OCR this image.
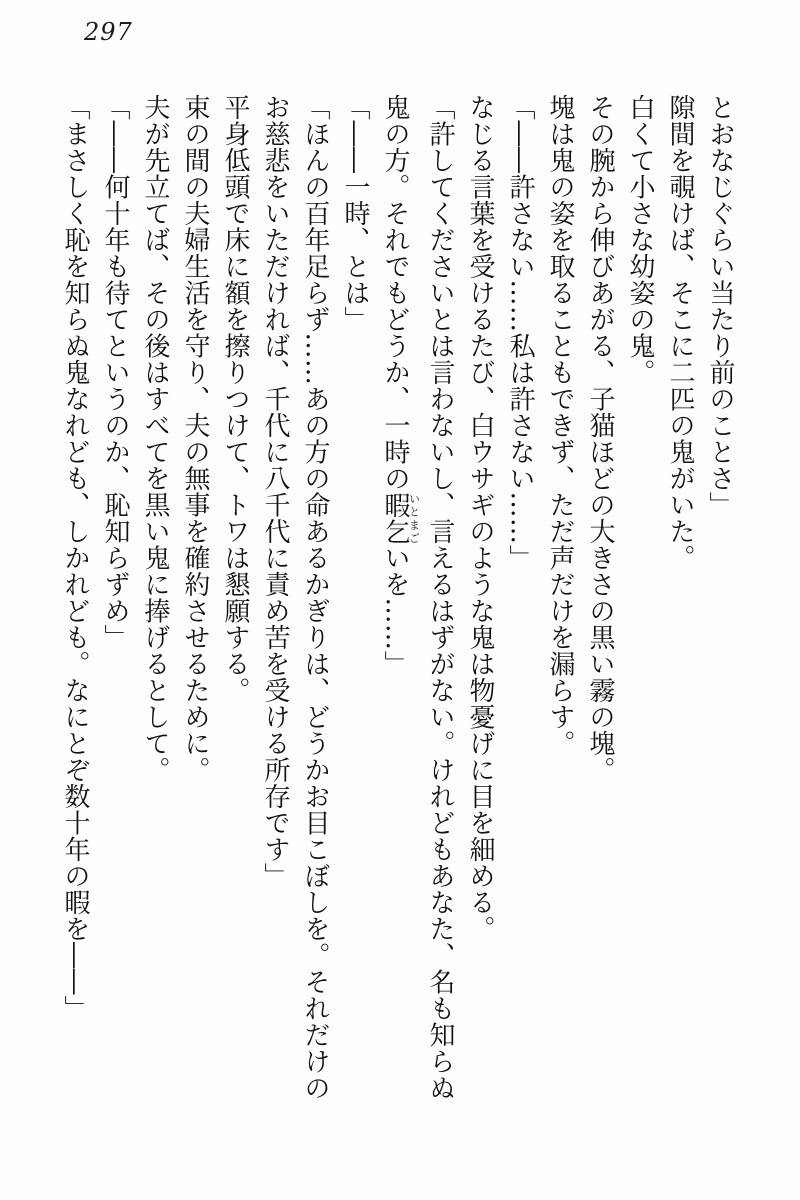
297

とおなじぐらい当たり前のことさ」

隙間を覗けば、そこに二匹の鬼がいた。

白くて小さな幼姿の鬼。

その腕から伸びあがる、子猫ほどの大きさの黒い霧の塊。

塊は鬼の姿を取ることもできず、ただ声だけを漏らす。

「――許さない……私は許さない……」

なじる言葉を受けるたび、白ウサギのような鬼は物憂げに目を細める。

「許してくださいとは言わないし、言えるはずがない。けれどもあなた、名も知らぬ

鬼の方。それでもどうか、一時の暇乞いとまごいを……」

「――一時、とは」

「ほんの百年足らず……あの方の命あるかぎりは、どうかお目こぼしを。それだけの

お慈悲をいただければ、千代に八千代に責め苦を受ける所存です」

平身低頭で床に額を擦りつけて、トワは懇願する。

束の間の夫婦生活を守り、夫の無事を確約させるために。

夫が先立てば、その後はすべてを黒い鬼に捧げるとして。

「――何十年も待てというのか、恥知らずめ」

「まさしく恥を知らぬ鬼なれども、しかれども。なにとぞ数十年の暇を――」
